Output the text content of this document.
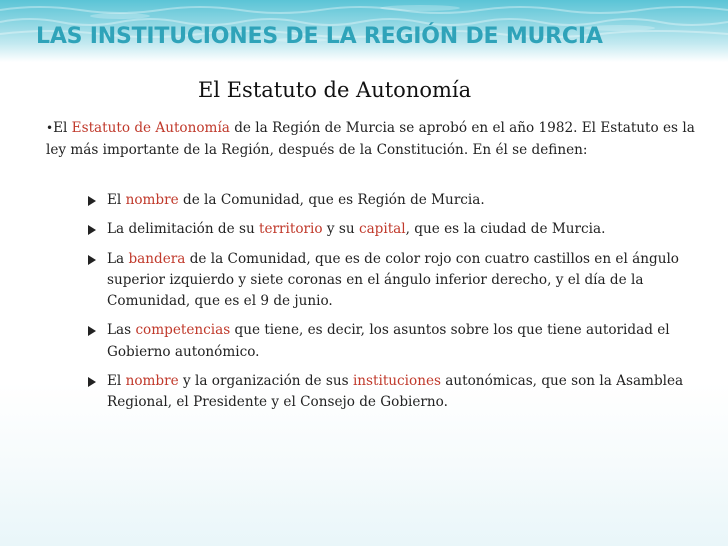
LAS INSTITUCIONES DE LA REGIÓN DE MURCIA
El Estatuto de Autonomía
•El Estatuto de Autonomía de la Región de Murcia se aprobó en el año 1982. El Estatuto es la ley más importante de la Región, después de la Constitución. En él se definen:
El nombre de la Comunidad, que es Región de Murcia.
La delimitación de su territorio y su capital, que es la ciudad de Murcia.
La bandera de la Comunidad, que es de color rojo con cuatro castillos en el ángulo superior izquierdo y siete coronas en el ángulo inferior derecho, y el día de la Comunidad, que es el 9 de junio.
Las competencias que tiene, es decir, los asuntos sobre los que tiene autoridad el Gobierno autonómico.
El nombre y la organización de sus instituciones autonómicas, que son la Asamblea Regional, el Presidente y el Consejo de Gobierno.
